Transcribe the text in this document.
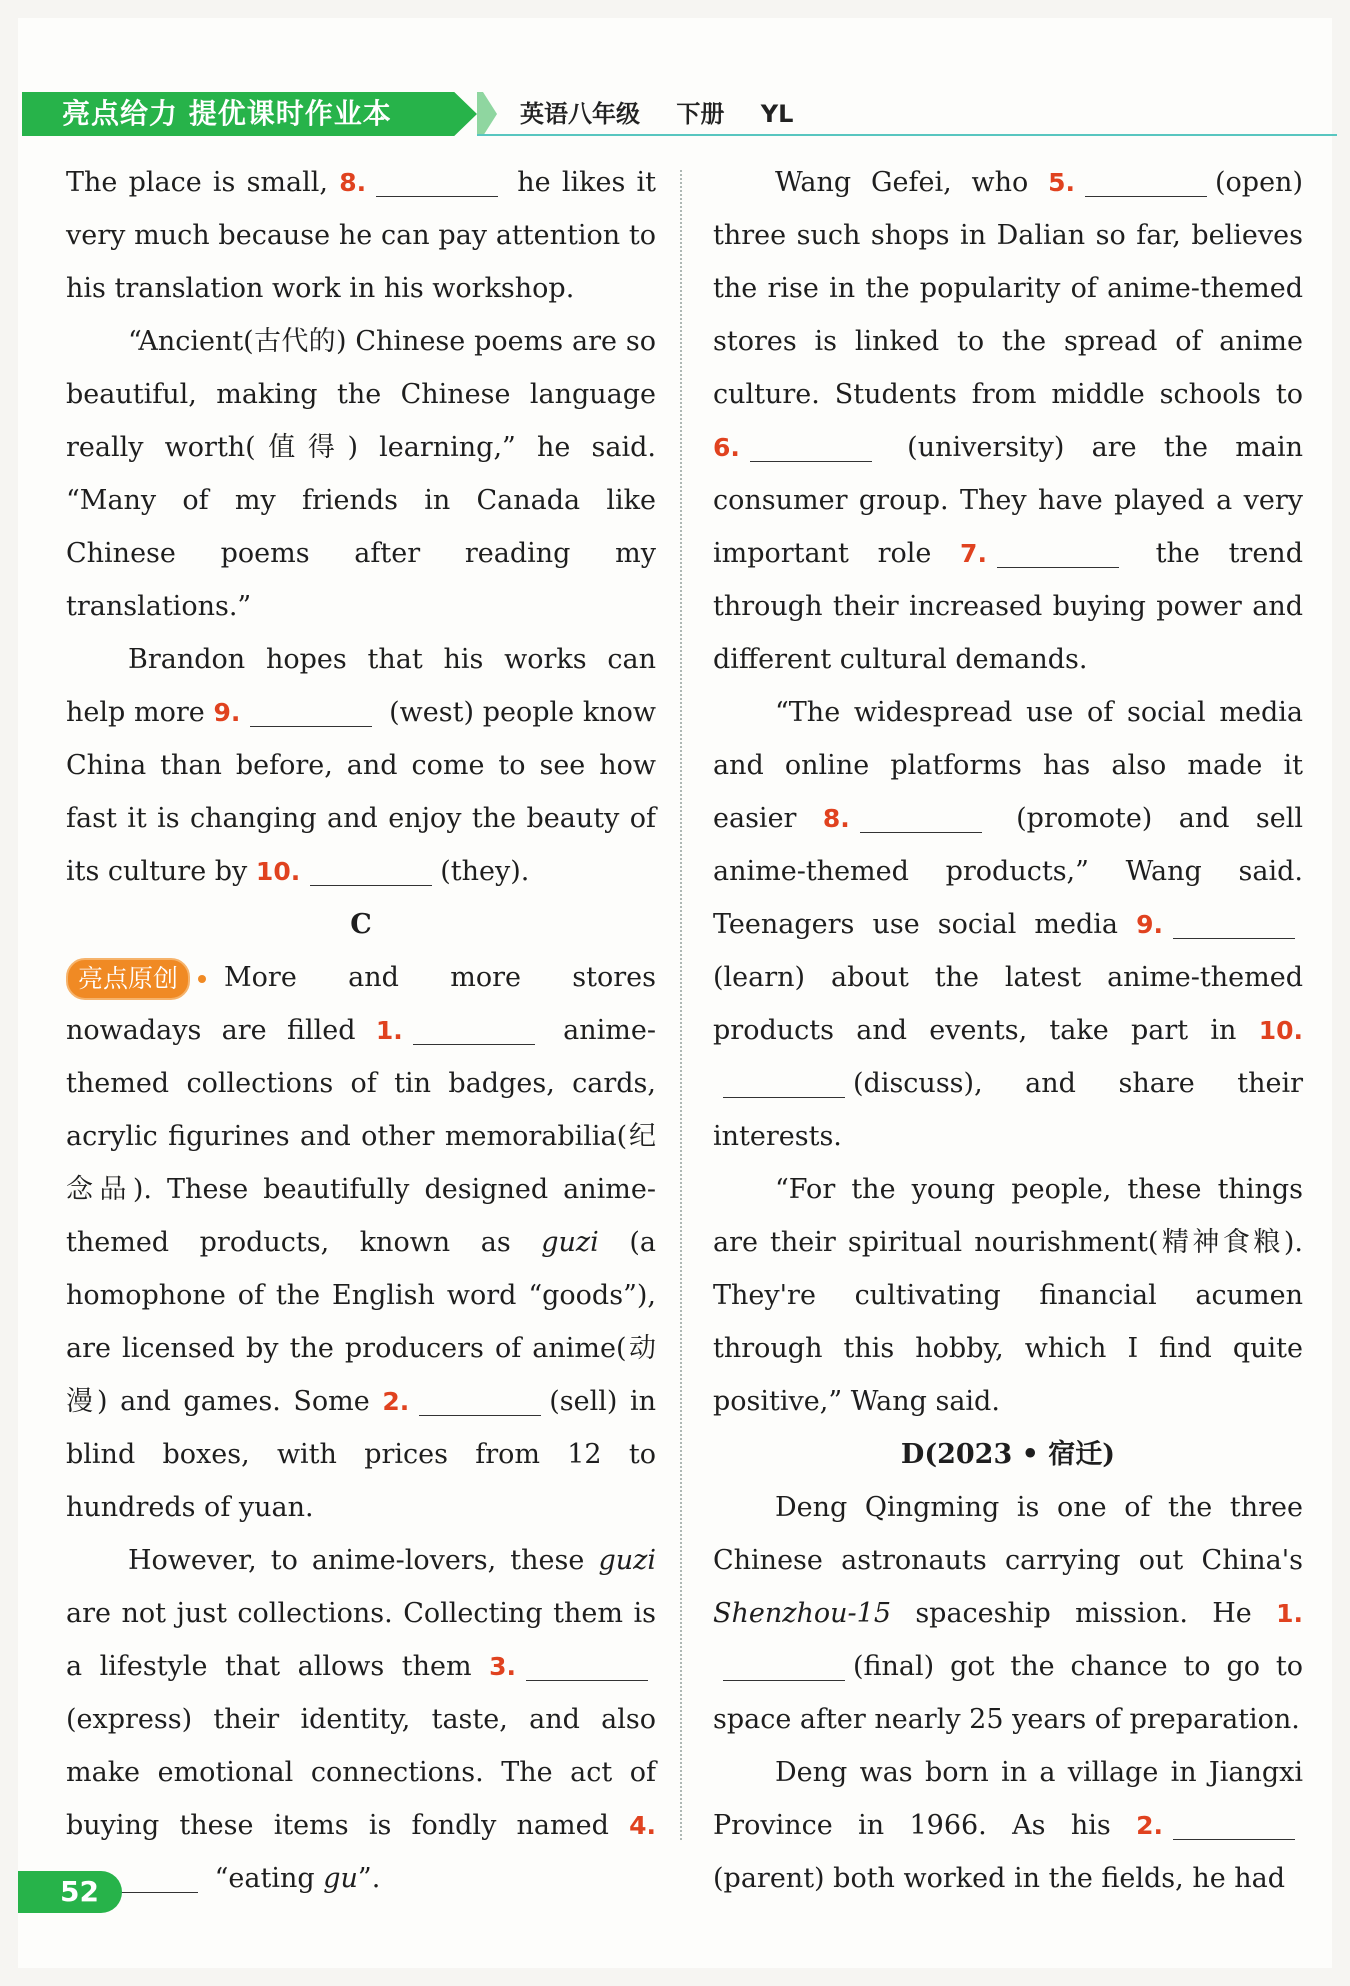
亮点给力 提优课时作业本	英语八年级 下册 YL

The place is small, 8.	he likes it very much because he can pay attention to his translation work in his workshop.

“Ancient(古代的) Chinese poems are so beautiful, making the Chinese language really worth(值得) learning,” he said. “Many of my friends in Canada like Chinese poems after reading my translations.”

Brandon hopes that his works can help more 9.	(west) people know China than before, and come to see how fast it is changing and enjoy the beauty of its culture by 10.	(they).

C

亮点原创 More and more stores nowadays are filled 1.	anime-themed collections of tin badges, cards, acrylic figurines and other memorabilia(纪念品). These beautifully designed anime-themed products, known as guzi (a homophone of the English word “goods”), are licensed by the producers of anime(动漫) and games. Some 2.	(sell) in blind boxes, with prices from 12 to hundreds of yuan.

However, to anime-lovers, these guzi are not just collections. Collecting them is a lifestyle that allows them 3. (express) their identity, taste, and also make emotional connections. The act of buying these items is fondly named 4. “eating gu”.

Wang Gefei, who 5.	(open) three such shops in Dalian so far, believes the rise in the popularity of anime-themed stores is linked to the spread of anime culture. Students from middle schools to 6.	(university) are the main consumer group. They have played a very important role 7.	the trend through their increased buying power and different cultural demands.

“The widespread use of social media and online platforms has also made it easier 8.	(promote) and sell anime-themed products,” Wang said. Teenagers use social media 9.(learn) about the latest anime-themed products and events, take part in 10.(discuss), and share their interests.

“For the young people, these things are their spiritual nourishment(精神食粮). They're cultivating financial acumen through this hobby, which I find quite positive,” Wang said.

D(2023 • 宿迁)

Deng Qingming is one of the three Chinese astronauts carrying out China's Shenzhou-15 spaceship mission. He 1.(final) got the chance to go to space after nearly 25 years of preparation.

Deng was born in a village in Jiangxi Province in 1966. As his 2. (parent) both worked in the fields, he had

52
